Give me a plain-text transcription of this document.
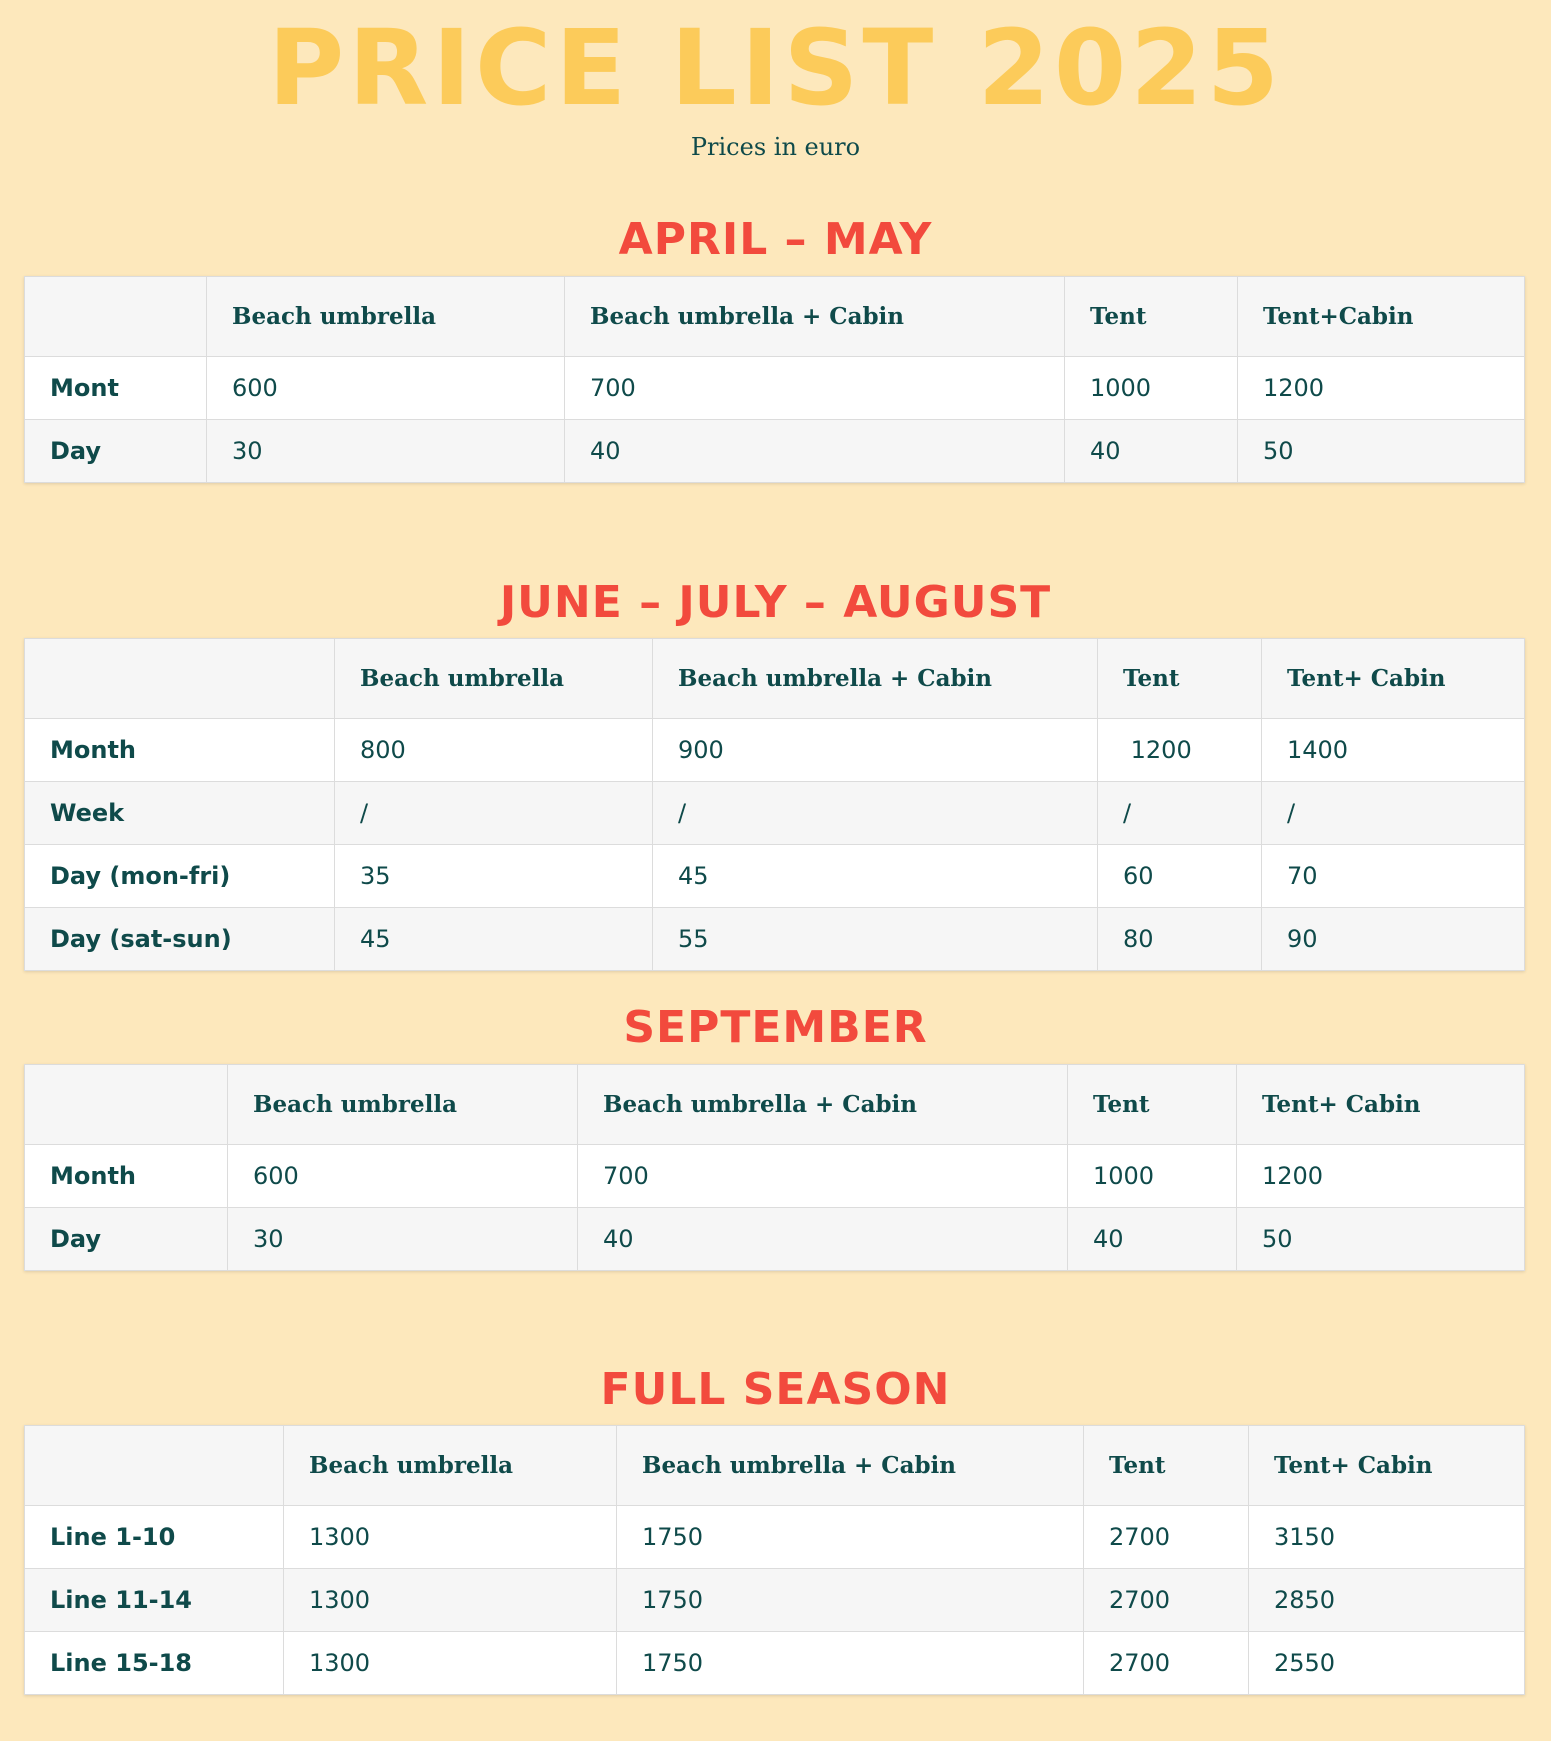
PRICE LIST 2025
Prices in euro
APRIL – MAY
	Beach umbrella	Beach umbrella + Cabin	Tent	Tent+Cabin
Mont	600	700	1000	1200
Day	30	40	40	50
JUNE – JULY – AUGUST
	Beach umbrella	Beach umbrella + Cabin	Tent	Tent+ Cabin
Month	800	900	1200	1400
Week	/	/	/	/
Day (mon-fri)	35	45	60	70
Day (sat-sun)	45	55	80	90
SEPTEMBER
	Beach umbrella	Beach umbrella + Cabin	Tent	Tent+ Cabin
Month	600	700	1000	1200
Day	30	40	40	50
FULL SEASON
	Beach umbrella	Beach umbrella + Cabin	Tent	Tent+ Cabin
Line 1-10	1300	1750	2700	3150
Line 11-14	1300	1750	2700	2850
Line 15-18	1300	1750	2700	2550
